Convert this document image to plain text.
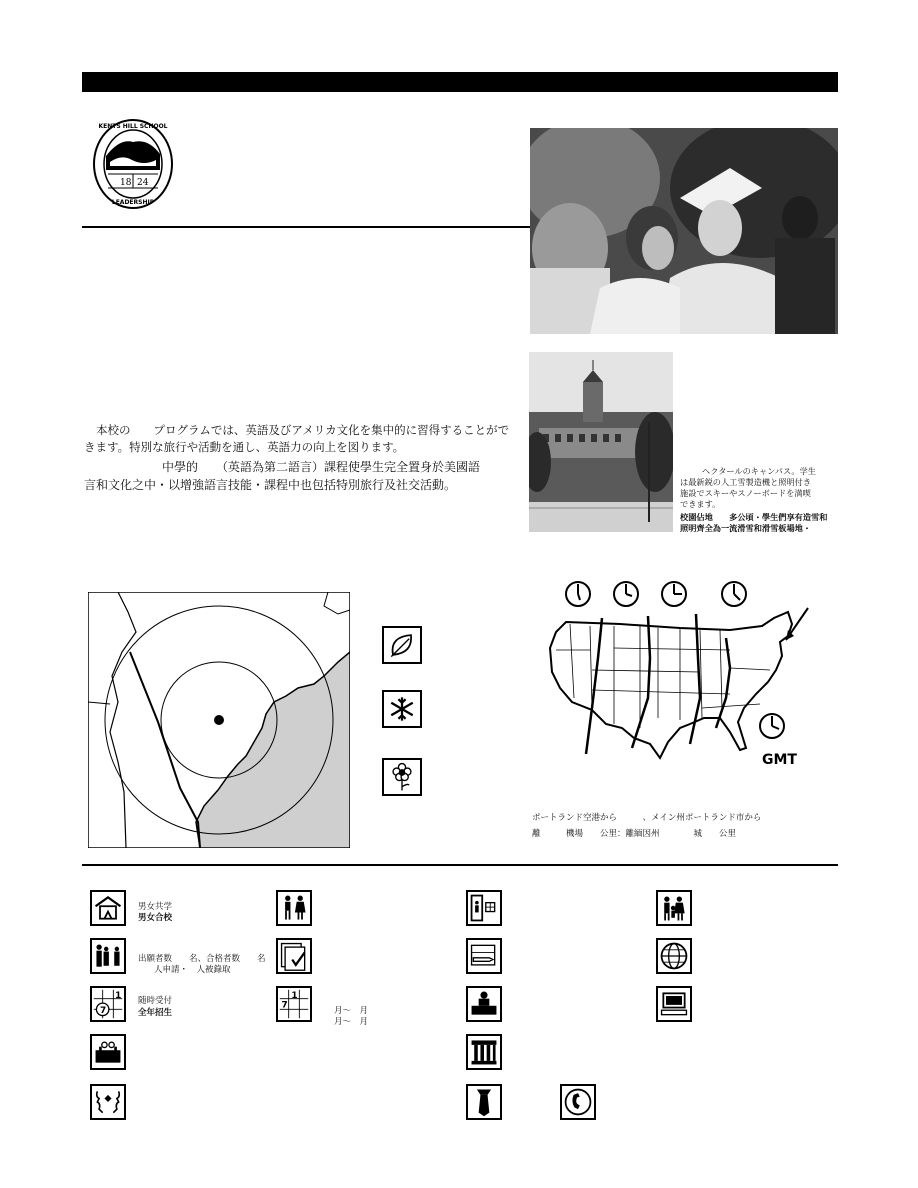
18 24
KENTS HILL SCHOOL
LEADERSHIP
本校の　　プログラムでは、英語及びアメリカ文化を集中的に習得することがで
きます。特別な旅行や活動を通し、英語力の向上を図ります。
中學的　　（英語為第二語言）課程使學生完全置身於美國語
言和文化之中・以增強語言技能・課程中也包括特別旅行及社交活動。
ヘクタールのキャンパス。学生
は最新鋭の人工雪製造機と照明付き
施設でスキーやスノーボードを満喫
できます。
校園佔地　　多公頃・學生們享有造雪和
照明齊全為一流滑雪和滑雪板場地・
GMT
ポートランド空港から　　　、メイン州ポートランド市から
離　　　機場　　公里：離緬因州　　　　城　　公里
男女共学
男女合校
出願者数　　名、合格者数　　名
人申請・　人被錄取
1
7
随時受付
全年招生
1
7
月～　月
月～　月
